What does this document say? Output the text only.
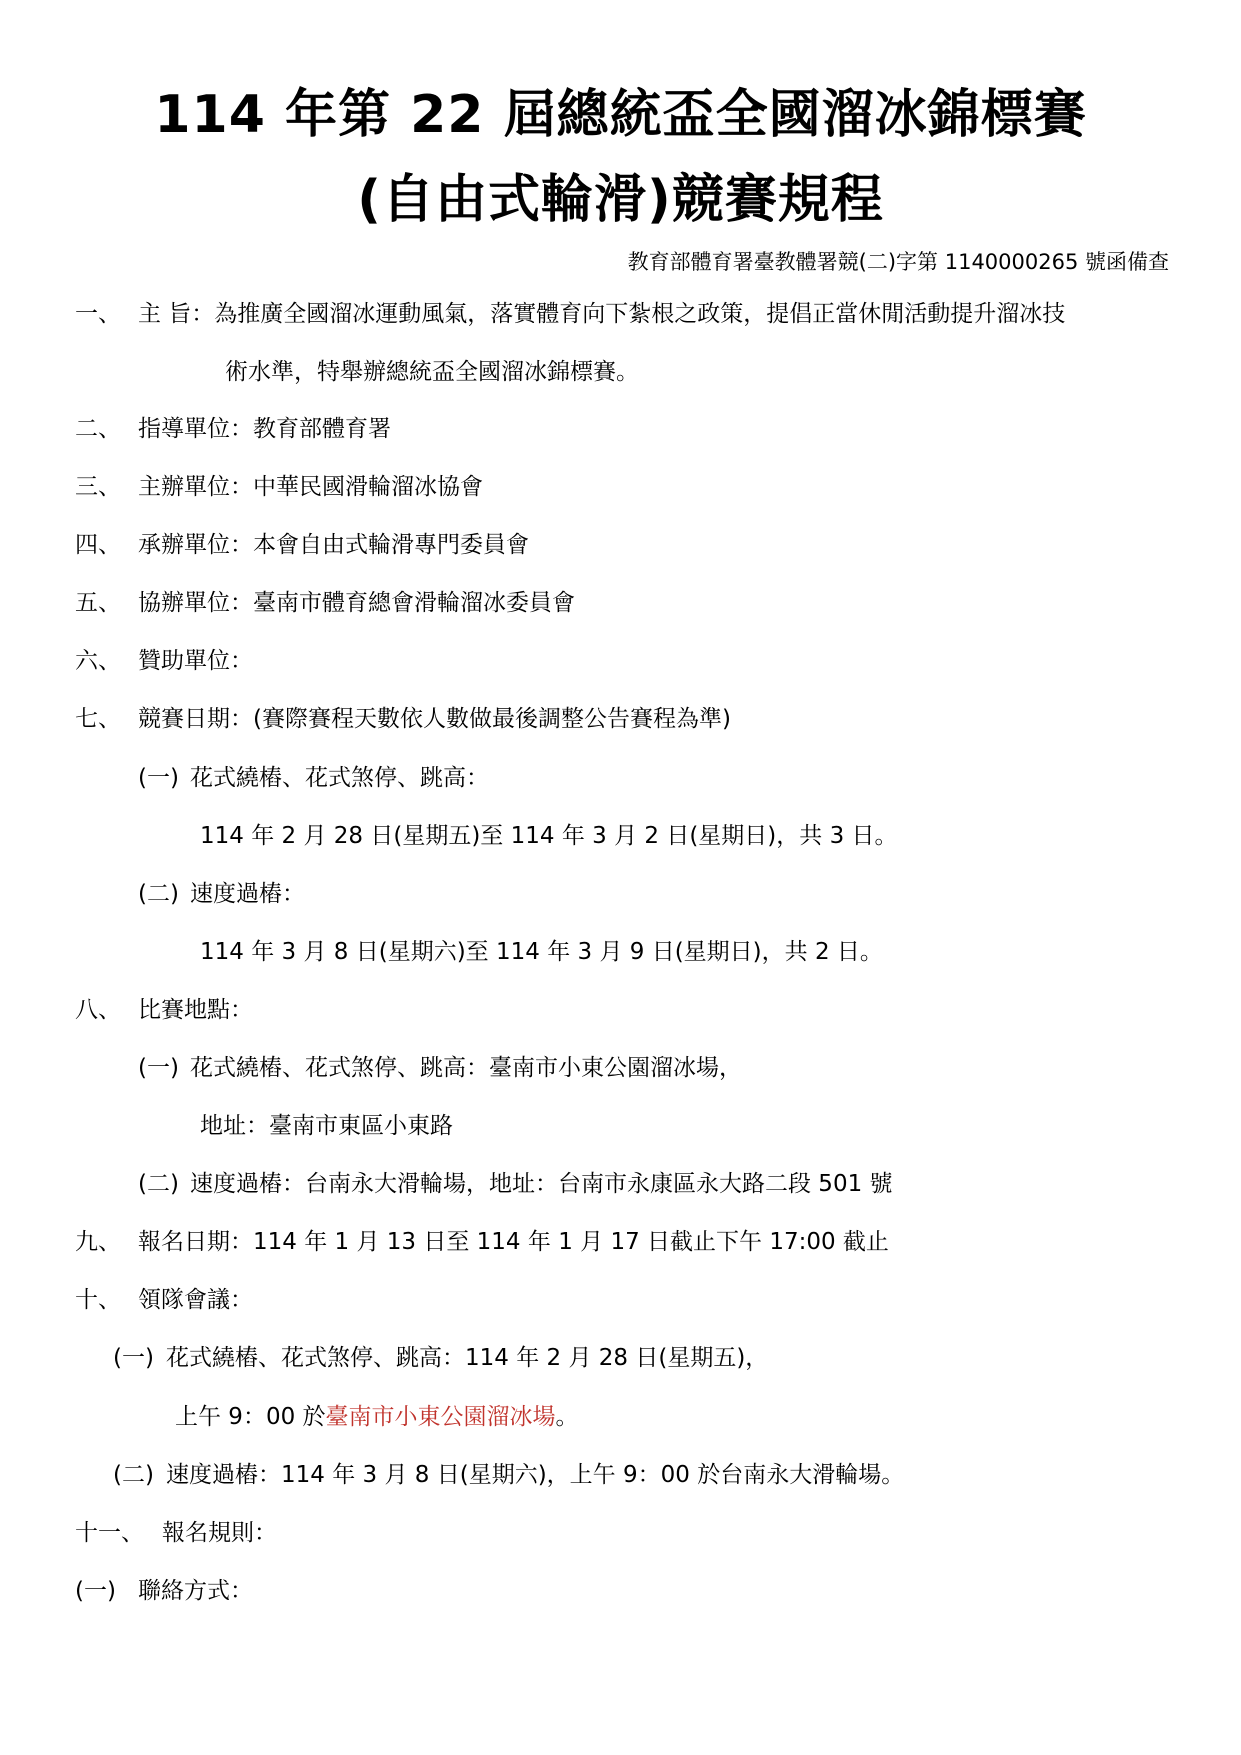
114 年第 22 屆總統盃全國溜冰錦標賽
(自由式輪滑)競賽規程
教育部體育署臺教體署競(二)字第 1140000265 號函備查
一、 主 旨：為推廣全國溜冰運動風氣，落實體育向下紮根之政策，提倡正當休閒活動提升溜冰技
術水準，特舉辦總統盃全國溜冰錦標賽。
二、 指導單位：教育部體育署
三、 主辦單位：中華民國滑輪溜冰協會
四、 承辦單位：本會自由式輪滑專門委員會
五、 協辦單位：臺南市體育總會滑輪溜冰委員會
六、 贊助單位：
七、 競賽日期：(賽際賽程天數依人數做最後調整公告賽程為準)
(一) 花式繞樁、花式煞停、跳高：
114 年 2 月 28 日(星期五)至 114 年 3 月 2 日(星期日)，共 3 日。
(二) 速度過樁：
114 年 3 月 8 日(星期六)至 114 年 3 月 9 日(星期日)，共 2 日。
八、 比賽地點：
(一) 花式繞樁、花式煞停、跳高：臺南市小東公園溜冰場，
地址：臺南市東區小東路
(二) 速度過樁：台南永大滑輪場，地址：台南市永康區永大路二段 501 號
九、 報名日期：114 年 1 月 13 日至 114 年 1 月 17 日截止下午 17:00 截止
十、 領隊會議：
(一) 花式繞樁、花式煞停、跳高：114 年 2 月 28 日(星期五)，
上午 9：00 於臺南市小東公園溜冰場。
(二) 速度過樁：114 年 3 月 8 日(星期六)，上午 9：00 於台南永大滑輪場。
十一、 報名規則：
(一) 聯絡方式：
